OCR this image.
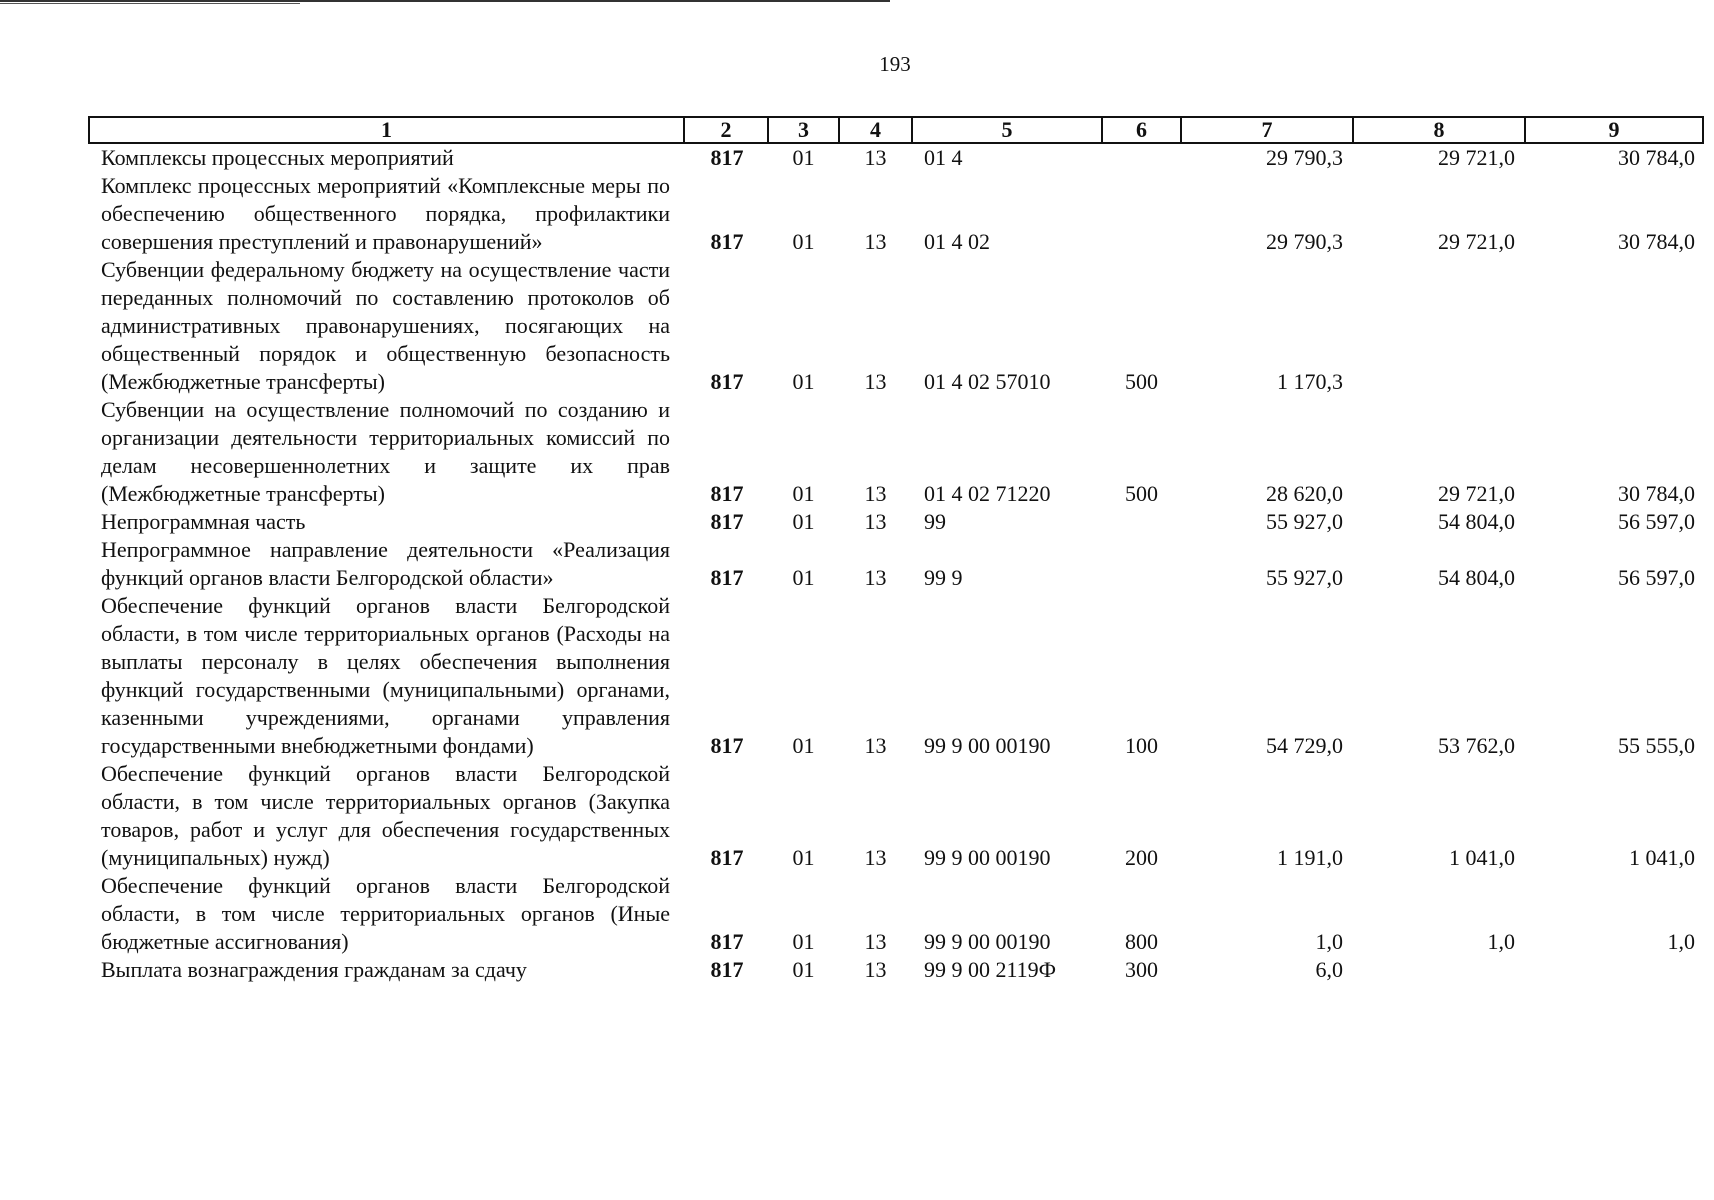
193
1	2	3	4	5	6	7	8	9
Комплексы процессных мероприятий	817	01	13	01 4		29 790,3	29 721,0	30 784,0
Комплекс процессных мероприятий «Комплексные меры по обеспечению общественного порядка, профилактики совершения преступлений и правонарушений»	817	01	13	01 4 02		29 790,3	29 721,0	30 784,0
Субвенции федеральному бюджету на осуществление части переданных полномочий по составлению протоколов об административных правонарушениях, посягающих на общественный порядок и общественную безопасность (Межбюджетные трансферты)	817	01	13	01 4 02 57010	500	1 170,3		
Субвенции на осуществление полномочий по созданию и организации деятельности территориальных комиссий по делам несовершеннолетних и защите их прав (Межбюджетные трансферты)	817	01	13	01 4 02 71220	500	28 620,0	29 721,0	30 784,0
Непрограммная часть	817	01	13	99		55 927,0	54 804,0	56 597,0
Непрограммное направление деятельности «Реализация функций органов власти Белгородской области»	817	01	13	99 9		55 927,0	54 804,0	56 597,0
Обеспечение функций органов власти Белгородской области, в том числе территориальных органов (Расходы на выплаты персоналу в целях обеспечения выполнения функций государственными (муниципальными) органами, казенными учреждениями, органами управления государственными внебюджетными фондами)	817	01	13	99 9 00 00190	100	54 729,0	53 762,0	55 555,0
Обеспечение функций органов власти Белгородской области, в том числе территориальных органов (Закупка товаров, работ и услуг для обеспечения государственных (муниципальных) нужд)	817	01	13	99 9 00 00190	200	1 191,0	1 041,0	1 041,0
Обеспечение функций органов власти Белгородской области, в том числе территориальных органов (Иные бюджетные ассигнования)	817	01	13	99 9 00 00190	800	1,0	1,0	1,0
Выплата вознаграждения гражданам за сдачу	817	01	13	99 9 00 2119Ф	300	6,0		
